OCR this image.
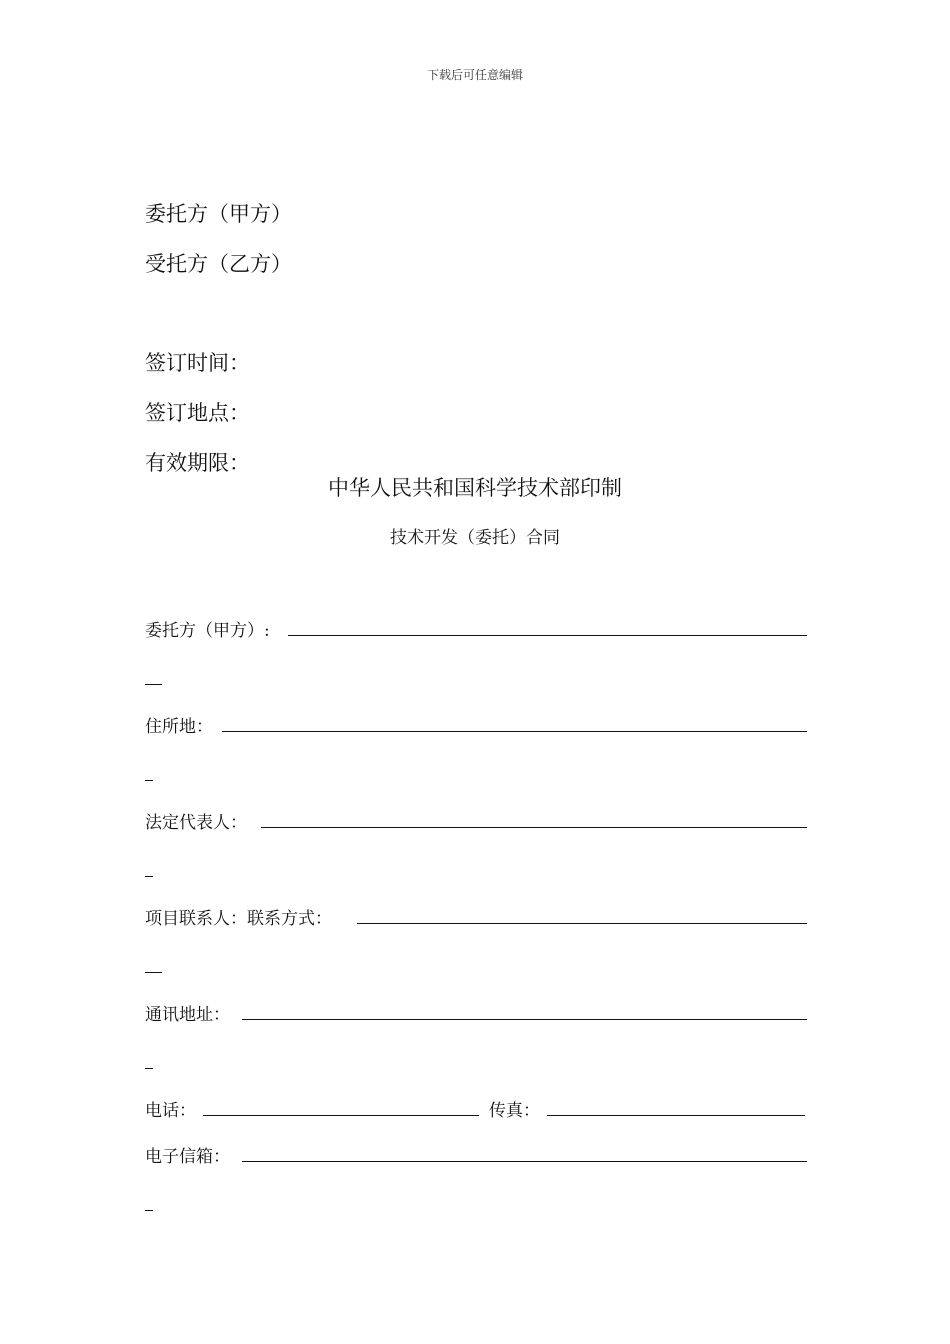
下载后可任意编辑
委托方（甲方）
受托方（乙方）
签订时间：
签订地点：
有效期限：
中华人民共和国科学技术部印制
技术开发（委托）合同
委托方（甲方）:
住所地：
法定代表人：
项目联系人：联系方式：
通讯地址：
电话：	传真：
电子信箱：
